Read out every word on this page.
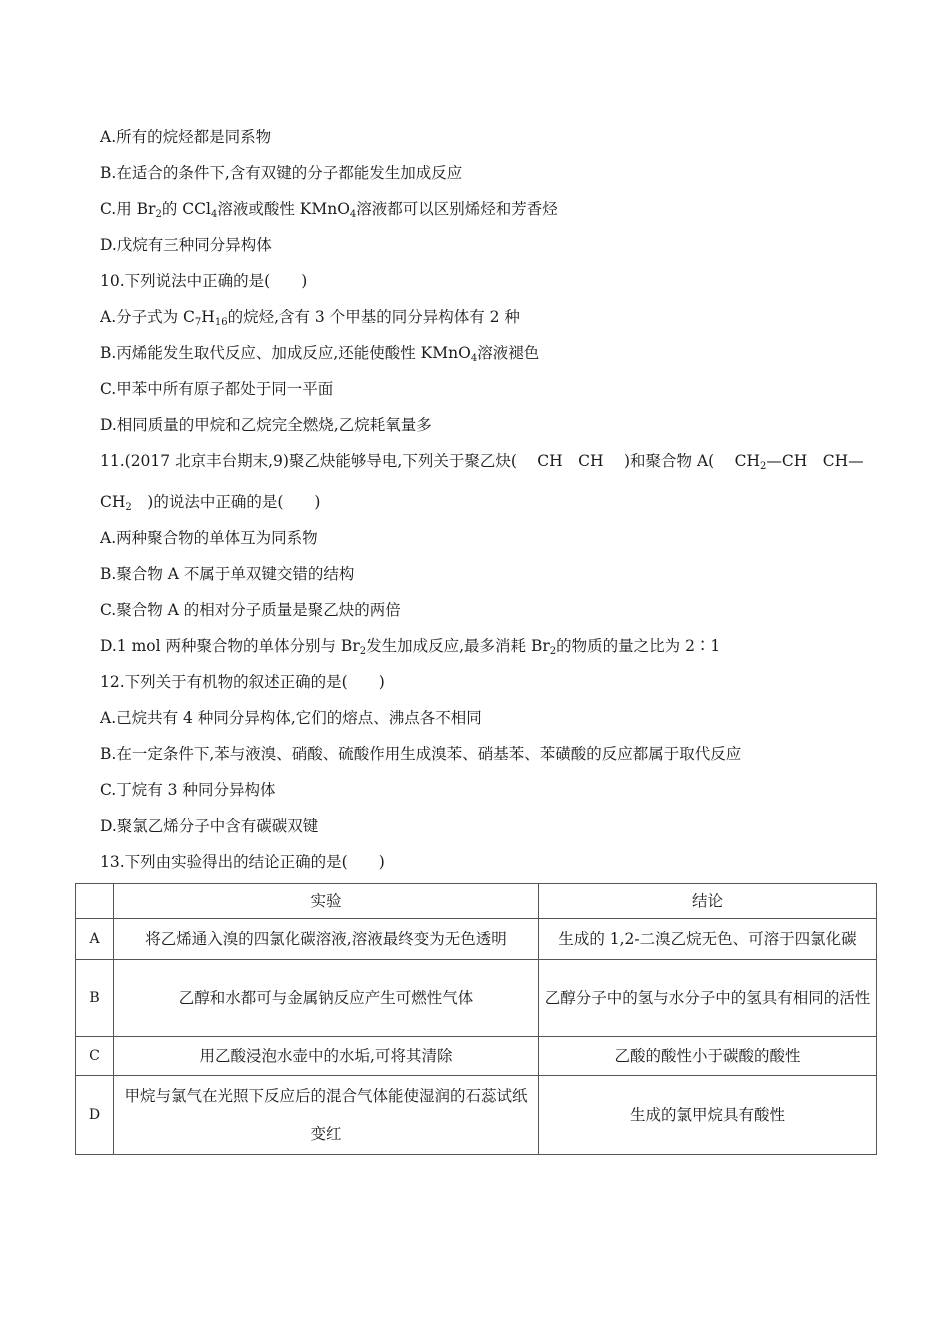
A.所有的烷烃都是同系物
B.在适合的条件下,含有双键的分子都能发生加成反应
C.用 $Br_2$的 CCl$_4$溶液或酸性 KMnO$_4$溶液都可以区别烯烃和芳香烃
D.戊烷有三种同分异构体
10.下列说法中正确的是(　　)
A.分子式为 $C_7H_{16}$的烷烃,含有 3 个甲基的同分异构体有 2 种
B.丙烯能发生取代反应、加成反应,还能使酸性 KMnO$_4$溶液褪色
C.甲苯中所有原子都处于同一平面
D.相同质量的甲烷和乙烷完全燃烧,乙烷耗氧量多
11.(2017 北京丰台期末,9)聚乙炔能够导电,下列关于聚乙炔(　 CH　CH　 )和聚合物 A(　 $CH_2—CH$　CH—
$CH_2$　)的说法中正确的是(　　)
A.两种聚合物的单体互为同系物
B.聚合物 A 不属于单双键交错的结构
C.聚合物 A 的相对分子质量是聚乙炔的两倍
D.1 mol 两种聚合物的单体分别与 $Br_2$发生加成反应,最多消耗 $Br_2$的物质的量之比为 2∶1
12.下列关于有机物的叙述正确的是(　　)
A.己烷共有 4 种同分异构体,它们的熔点、沸点各不相同
B.在一定条件下,苯与液溴、硝酸、硫酸作用生成溴苯、硝基苯、苯磺酸的反应都属于取代反应
C.丁烷有 3 种同分异构体
D.聚氯乙烯分子中含有碳碳双键
13.下列由实验得出的结论正确的是(　　)
	实验	结论
A	将乙烯通入溴的四氯化碳溶液,溶液最终变为无色透明	生成的 1,2-二溴乙烷无色、可溶于四氯化碳
B	乙醇和水都可与金属钠反应产生可燃性气体	乙醇分子中的氢与水分子中的氢具有相同的活性
C	用乙酸浸泡水壶中的水垢,可将其清除	乙酸的酸性小于碳酸的酸性
D	甲烷与氯气在光照下反应后的混合气体能使湿润的石蕊试纸变红	生成的氯甲烷具有酸性
